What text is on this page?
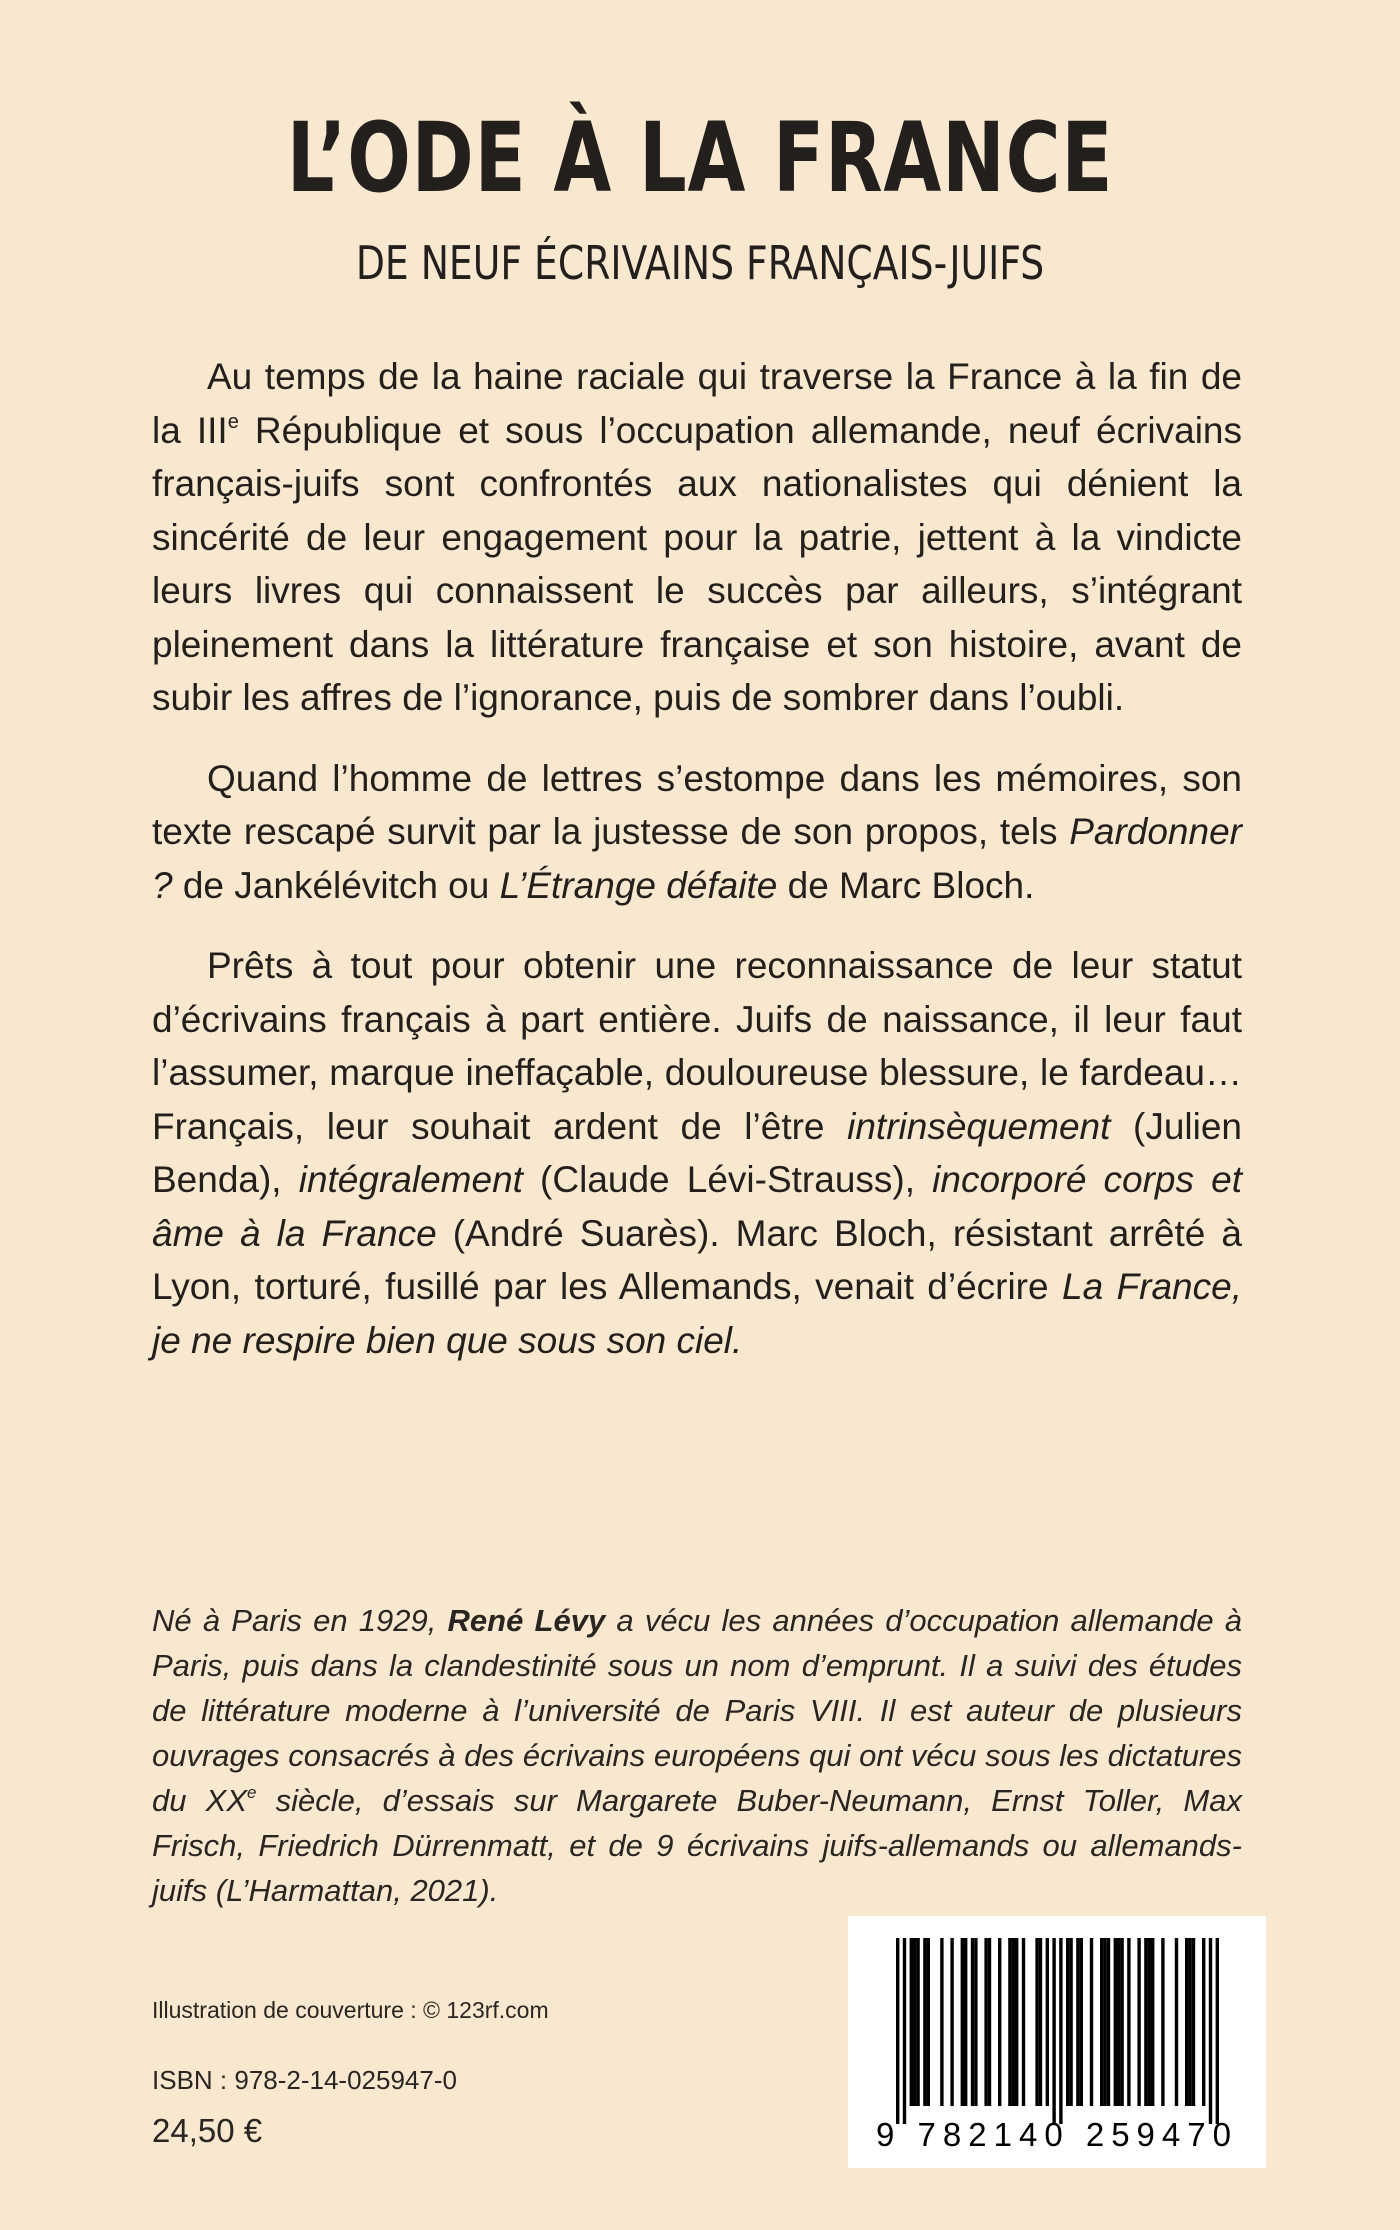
L’ODE À LA FRANCE
DE NEUF ÉCRIVAINS FRANÇAIS-JUIFS

Au temps de la haine raciale qui traverse la France à la fin de la IIIe République et sous l’occupation allemande, neuf écrivains français-juifs sont confrontés aux nationalistes qui dénient la sincérité de leur engagement pour la patrie, jettent à la vindicte leurs livres qui connaissent le succès par ailleurs, s’intégrant pleinement dans la littérature française et son histoire, avant de subir les affres de l’ignorance, puis de sombrer dans l’oubli.

Quand l’homme de lettres s’estompe dans les mémoires, son texte rescapé survit par la justesse de son propos, tels Pardonner ? de Jankélévitch ou L’Étrange défaite de Marc Bloch.

Prêts à tout pour obtenir une reconnaissance de leur statut d’écrivains français à part entière. Juifs de naissance, il leur faut l’assumer, marque ineffaçable, douloureuse blessure, le fardeau… Français, leur souhait ardent de l’être intrinsèquement (Julien Benda), intégralement (Claude Lévi-Strauss), incorporé corps et âme à la France (André Suarès). Marc Bloch, résistant arrêté à Lyon, torturé, fusillé par les Allemands, venait d’écrire La France, je ne respire bien que sous son ciel.

Né à Paris en 1929, René Lévy a vécu les années d’occupation allemande à Paris, puis dans la clandestinité sous un nom d’emprunt. Il a suivi des études de littérature moderne à l’université de Paris VIII. Il est auteur de plusieurs ouvrages consacrés à des écrivains européens qui ont vécu sous les dictatures du XXe siècle, d’essais sur Margarete Buber-Neumann, Ernst Toller, Max Frisch, Friedrich Dürrenmatt, et de 9 écrivains juifs-allemands ou allemands-juifs (L’Harmattan, 2021).
Illustration de couverture : © 123rf.com
ISBN : 978-2-14-025947-0
24,50 €	9 782140 259470
